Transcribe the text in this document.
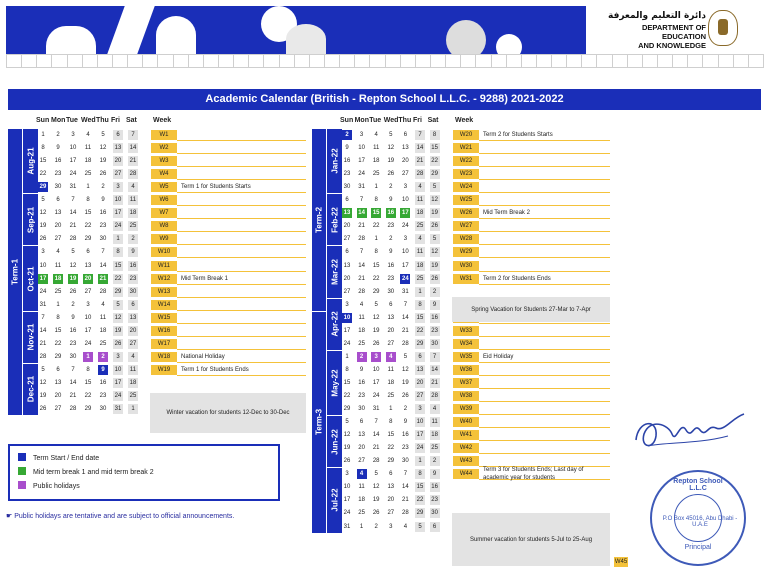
دائرة التعليم والمعرفة
DEPARTMENT OF EDUCATION
AND KNOWLEDGE
Academic Calendar (British - Repton School L.L.C. - 9288) 2021-2022
Sun Mon Tue Wed Thu Fri Sat Week	Sun Mon Tue Wed Thu Fri Sat Week
Aug-21
Sep-21
Oct-21
Nov-21
Dec-21
Term-1
1	2	3	4	5	6	7	W1
8	9	10	11	12 13 14	W2
15 16 17 18 19 20 21	W3
22 23 24 25 26 27 28	W4
29 30 31	1	2	3	4	W5	Term 1 for Students Starts
5	6	7	8	9	10	11	W6
12 13 14 15 16 17 18	W7
19 20 21 22 23 24 25	W8
26 27 28 29 30	1	2	W9
3	4	5	6	7	8	9	W10
10	11	12 13 14 15 16	W11
17 18 19 20 21 22 23	W12	Mid Term Break 1
24 25 26 27 28 29 30	W13
31	1	2	3	4	5	6	W14
7	8	9	10	11	12 13	W15
14 15 16 17 18 19 20	W16
21 22 23 24 25 26 27	W17
28 29 30	1	2	3	4	W18	National Holiday
5	6	7	8	9	10	11	W19	Term 1 for Students Ends
12 13 14 15 16 17 18
19 20 21 22 23 24 25
26 27 28 29 30 31	1
Jan-22
Feb-22
Mar-22
Apr-22
May-22
Jun-22
Jul-22
Term-2
Term-3
2	3	4	5	6	7	8	W20	Term 2 for Students Starts
9	10	11	12 13 14 15	W21
16 17 18 19 20 21 22	W22
23 24 25 26 27 28 29	W23
30 31	1	2	3	4	5	W24
6	7	8	9	10	11	12	W25
13 14 15 16 17 18 19	W26	Mid Term Break 2
20 21 22 23 24 25 26	W27
27 28	1	2	3	4	5	W28
6	7	8	9	10	11	12	W29
13 14 15 16 17 18 19	W30
20 21 22 23 24 25 26	W31	Term 2 for Students Ends
27 28 29 30 31	1	2
3	4	5	6	7	8	9
10	11	12 13 14 15 16
17 18 19 20 21 22 23	W33
24 25 26 27 28 29 30	W34
1	2	3	4	5	6	7	W35	Eid Holiday
8	9	10	11	12 13 14	W36
15 16 17 18 19 20 21	W37
22 23 24 25 26 27 28	W38
29 30 31	1	2	3	4	W39
5	6	7	8	9	10	11	W40
12 13 14 15 16 17 18	W41
19 20 21 22 23 24 25	W42
26 27 28 29 30	1	2	W43
3	4	5	6	7	8	9	W44
Term 3 for Students Ends; Last day of academic year for students
10	11	12 13 14 15 16
17 18 19 20 21 22 23
24 25 26 27 28 29 30
31	1	2	3	4	5	6
Winter vacation for students 12-Dec to 30-Dec
Spring Vacation for Students 27-Mar to 7-Apr
Summer vacation for students 5-Jul to 25-Aug
W45
Term Start / End date
Mid term break 1 and mid term break 2
Public holidays
☛ Public holidays are tentative and are subject to official announcements.
Repton School L.L.C
P.O Box 45016, Abu Dhabi - U.A.E
Principal
